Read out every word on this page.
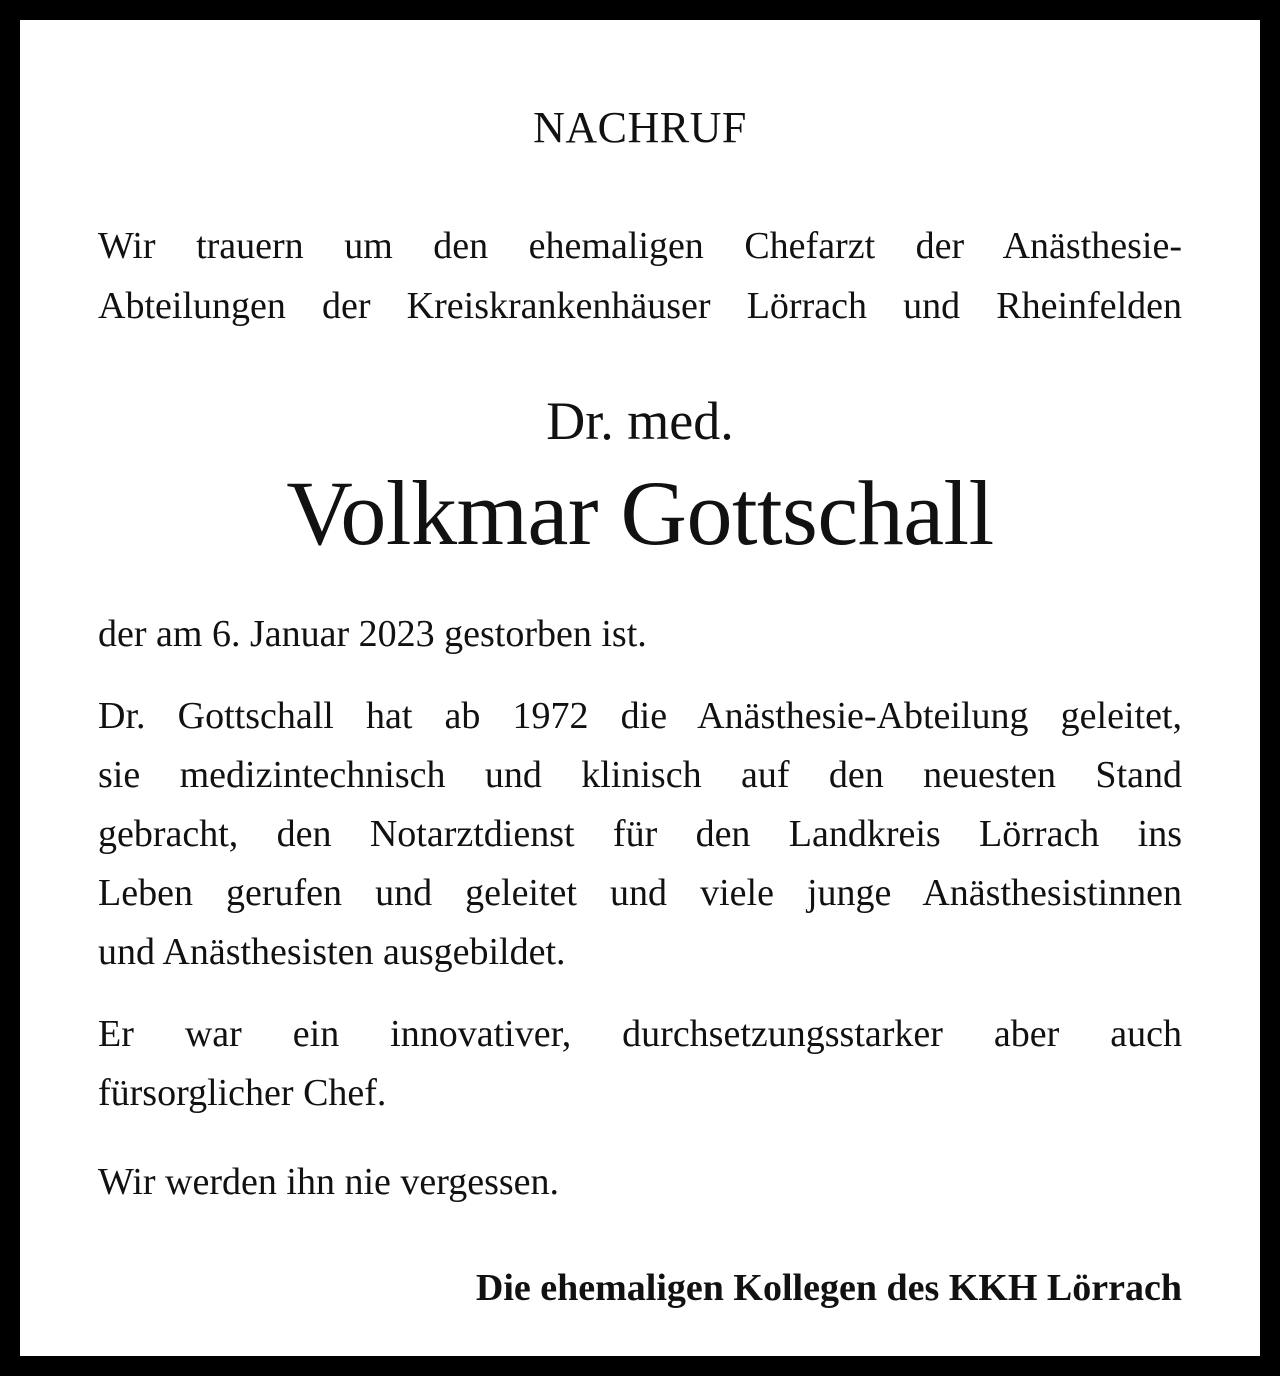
NACHRUF
Wir trauern um den ehemaligen Chefarzt der Anästhesie-
Abteilungen der Kreiskrankenhäuser Lörrach und Rheinfelden
Dr. med.
Volkmar Gottschall
der am 6. Januar 2023 gestorben ist.
Dr. Gottschall hat ab 1972 die Anästhesie-Abteilung geleitet,
sie medizintechnisch und klinisch auf den neuesten Stand
gebracht, den Notarztdienst für den Landkreis Lörrach ins
Leben gerufen und geleitet und viele junge Anästhesistinnen
und Anästhesisten ausgebildet.
Er war ein innovativer, durchsetzungsstarker aber auch
fürsorglicher Chef.
Wir werden ihn nie vergessen.
Die ehemaligen Kollegen des KKH Lörrach
